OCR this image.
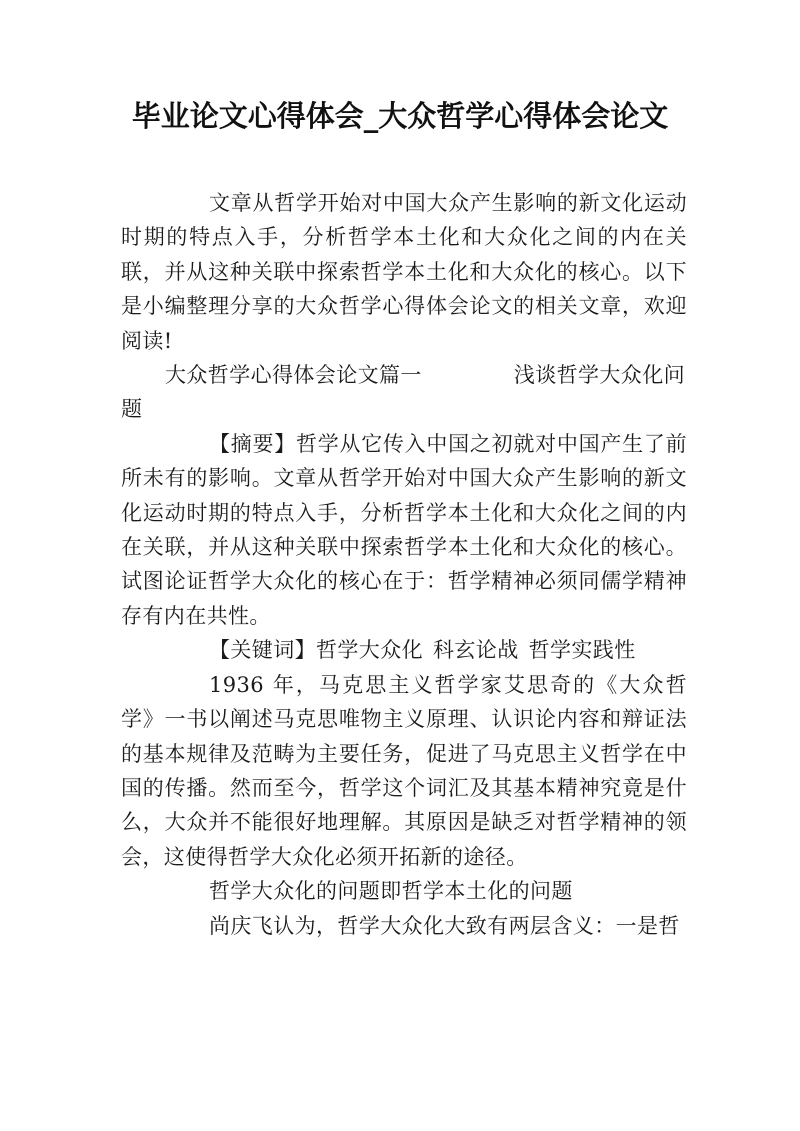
毕业论文心得体会_大众哲学心得体会论文

文章从哲学开始对中国大众产生影响的新文化运动时期的特点入手，分析哲学本土化和大众化之间的内在关联，并从这种关联中探索哲学本土化和大众化的核心。以下是小编整理分享的大众哲学心得体会论文的相关文章，欢迎阅读!

大众哲学心得体会论文篇一	浅谈哲学大众化问题

【摘要】哲学从它传入中国之初就对中国产生了前所未有的影响。文章从哲学开始对中国大众产生影响的新文化运动时期的特点入手，分析哲学本土化和大众化之间的内在关联，并从这种关联中探索哲学本土化和大众化的核心。试图论证哲学大众化的核心在于：哲学精神必须同儒学精神存有内在共性。

【关键词】哲学大众化 科玄论战 哲学实践性

1936 年，马克思主义哲学家艾思奇的《大众哲学》一书以阐述马克思唯物主义原理、认识论内容和辩证法的基本规律及范畴为主要任务，促进了马克思主义哲学在中国的传播。然而至今，哲学这个词汇及其基本精神究竟是什么，大众并不能很好地理解。其原因是缺乏对哲学精神的领会，这使得哲学大众化必须开拓新的途径。

哲学大众化的问题即哲学本土化的问题

尚庆飞认为，哲学大众化大致有两层含义：一是哲
